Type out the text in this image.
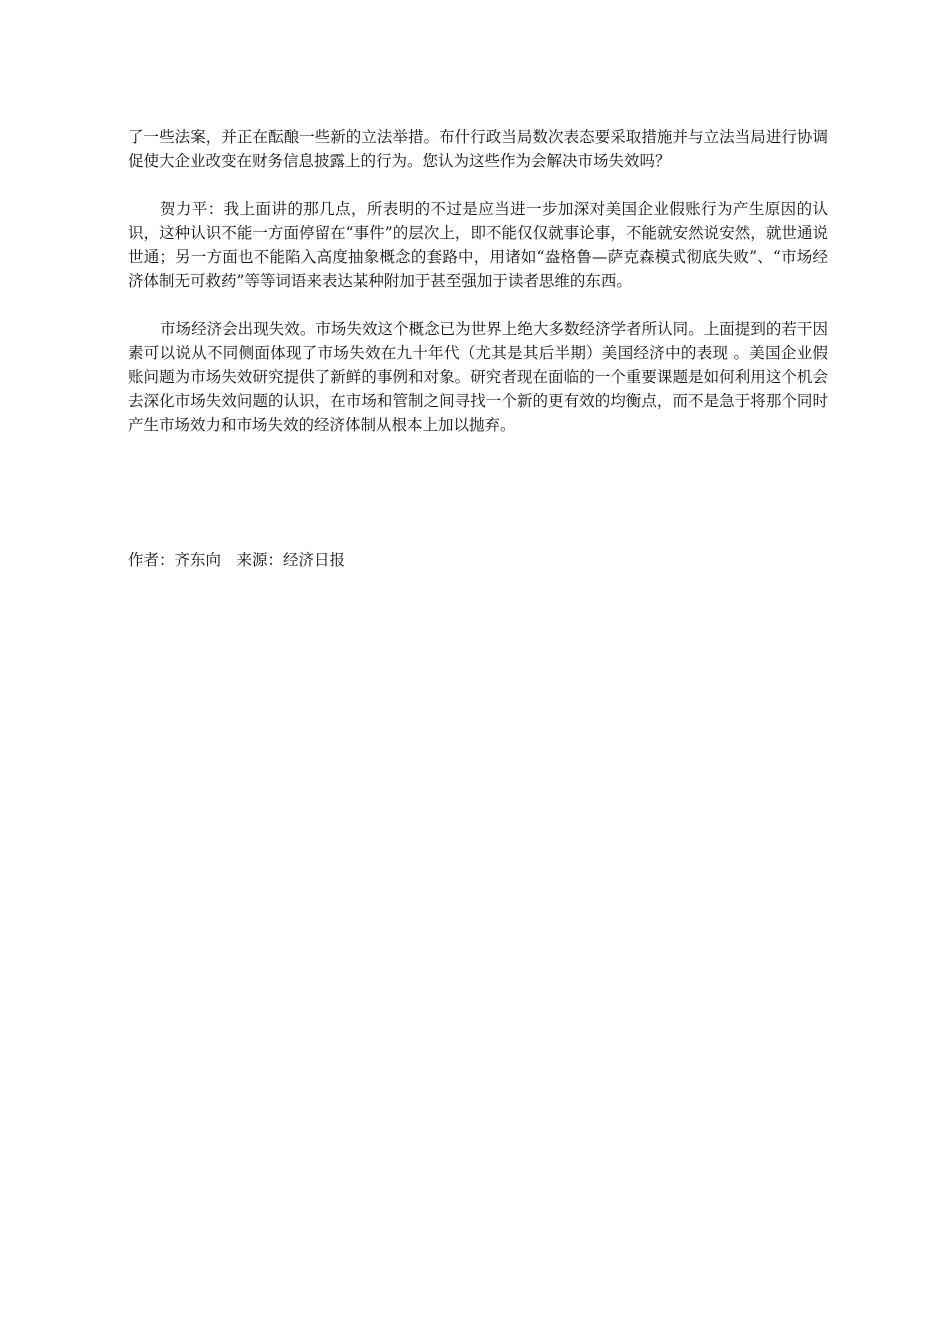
了一些法案，并正在酝酿一些新的立法举措。布什行政当局数次表态要采取措施并与立法当局进行协调促使大企业改变在财务信息披露上的行为。您认为这些作为会解决市场失效吗？

贺力平：我上面讲的那几点，所表明的不过是应当进一步加深对美国企业假账行为产生原因的认识，这种认识不能一方面停留在“事件”的层次上，即不能仅仅就事论事，不能就安然说安然，就世通说世通；另一方面也不能陷入高度抽象概念的套路中，用诸如“盎格鲁—萨克森模式彻底失败”、“市场经济体制无可救药”等等词语来表达某种附加于甚至强加于读者思维的东西。

市场经济会出现失效。市场失效这个概念已为世界上绝大多数经济学者所认同。上面提到的若干因素可以说从不同侧面体现了市场失效在九十年代（尤其是其后半期）美国经济中的表现 。美国企业假账问题为市场失效研究提供了新鲜的事例和对象。研究者现在面临的一个重要课题是如何利用这个机会去深化市场失效问题的认识，在市场和管制之间寻找一个新的更有效的均衡点，而不是急于将那个同时产生市场效力和市场失效的经济体制从根本上加以抛弃。

作者：齐东向　来源：经济日报
